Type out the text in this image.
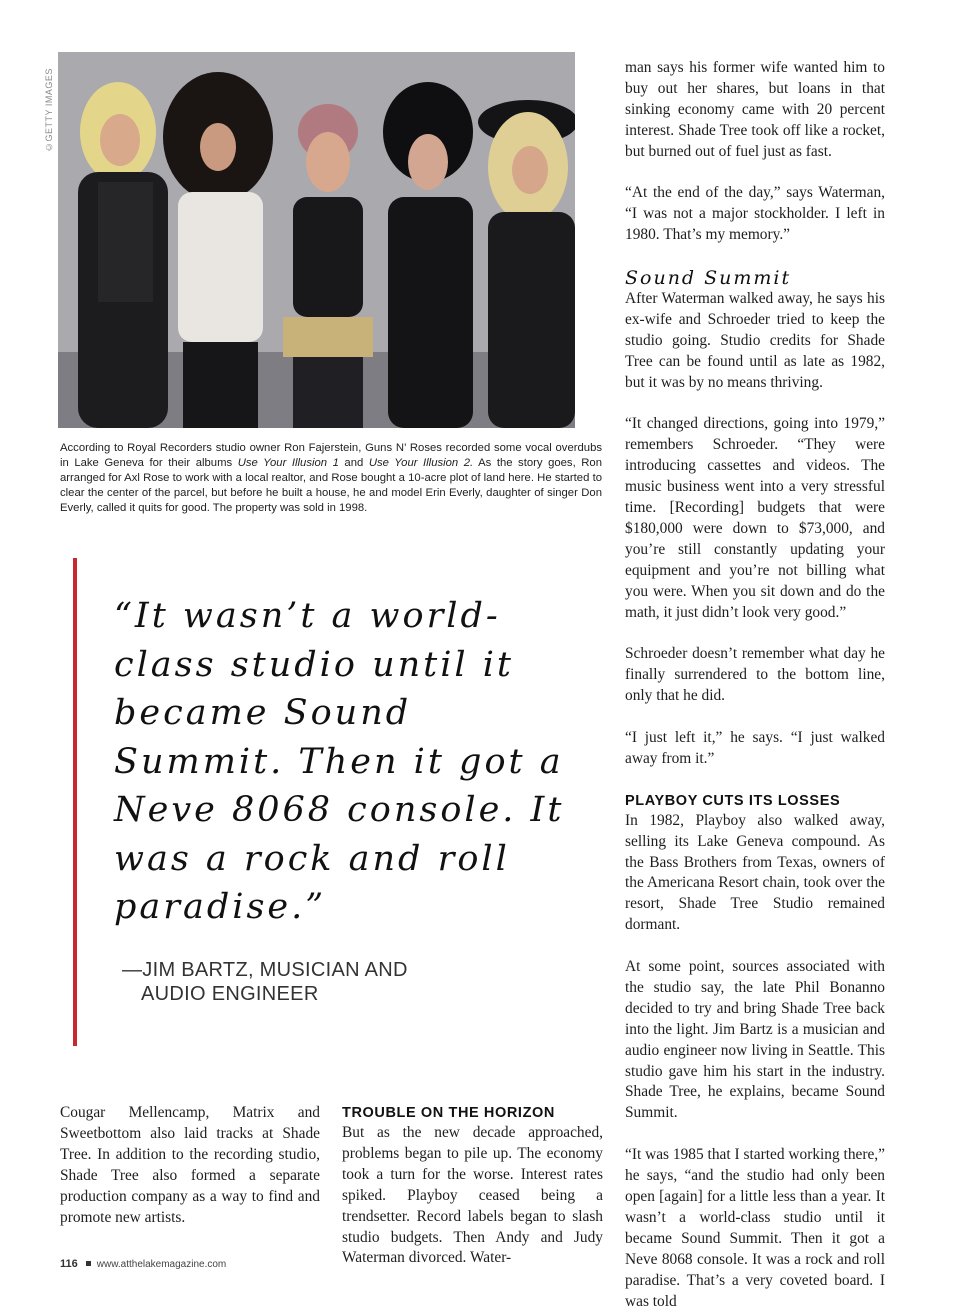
©GETTY IMAGES
According to Royal Recorders studio owner Ron Fajerstein, Guns N’ Roses recorded some vocal overdubs in Lake Geneva for their albums Use Your Illusion 1 and Use Your Illusion 2. As the story goes, Ron arranged for Axl Rose to work with a local realtor, and Rose bought a 10-acre plot of land here. He started to clear the center of the parcel, but before he built a house, he and model Erin Everly, daughter of singer Don Everly, called it quits for good. The property was sold in 1998.
“It wasn’t a world-class studio until it became Sound Summit. Then it got a Neve 8068 console. It was a rock and roll paradise.”
—JIM BARTZ, MUSICIAN AND
AUDIO ENGINEER

man says his former wife wanted him to buy out her shares, but loans in that sinking economy came with 20 percent interest. Shade Tree took off like a rocket, but burned out of fuel just as fast.

“At the end of the day,” says Waterman, “I was not a major stockholder. I left in 1980. That’s my memory.”

Sound Summit

After Waterman walked away, he says his ex-wife and Schroeder tried to keep the studio going. Studio credits for Shade Tree can be found until as late as 1982, but it was by no means thriving.

“It changed directions, going into 1979,” remembers Schroeder. “They were introducing cassettes and videos. The music business went into a very stressful time. [Recording] budgets that were $180,000 were down to $73,000, and you’re still constantly updating your equipment and you’re not billing what you were. When you sit down and do the math, it just didn’t look very good.”

Schroeder doesn’t remember what day he finally surrendered to the bottom line, only that he did.

“I just left it,” he says. “I just walked away from it.”

PLAYBOY CUTS ITS LOSSES

In 1982, Playboy also walked away, selling its Lake Geneva compound. As the Bass Brothers from Texas, owners of the Americana Resort chain, took over the resort, Shade Tree Studio remained dormant.

At some point, sources associated with the studio say, the late Phil Bonanno decided to try and bring Shade Tree back into the light. Jim Bartz is a musician and audio engineer now living in Seattle. This studio gave him his start in the industry. Shade Tree, he explains, became Sound Summit.

“It was 1985 that I started working there,” he says, “and the studio had only been open [again] for a little less than a year. It wasn’t a world-class studio until it became Sound Summit. Then it got a Neve 8068 console. It was a rock and roll paradise. That’s a very coveted board. I was told

Cougar Mellencamp, Matrix and Sweetbottom also laid tracks at Shade Tree. In addition to the recording studio, Shade Tree also formed a separate production company as a way to find and promote new artists.

TROUBLE ON THE HORIZON

But as the new decade approached, problems began to pile up. The economy took a turn for the worse. Interest rates spiked. Playboy ceased being a trendsetter. Record labels began to slash studio budgets. Then Andy and Judy Waterman divorced. Water-

116 www.atthelakemagazine.com
